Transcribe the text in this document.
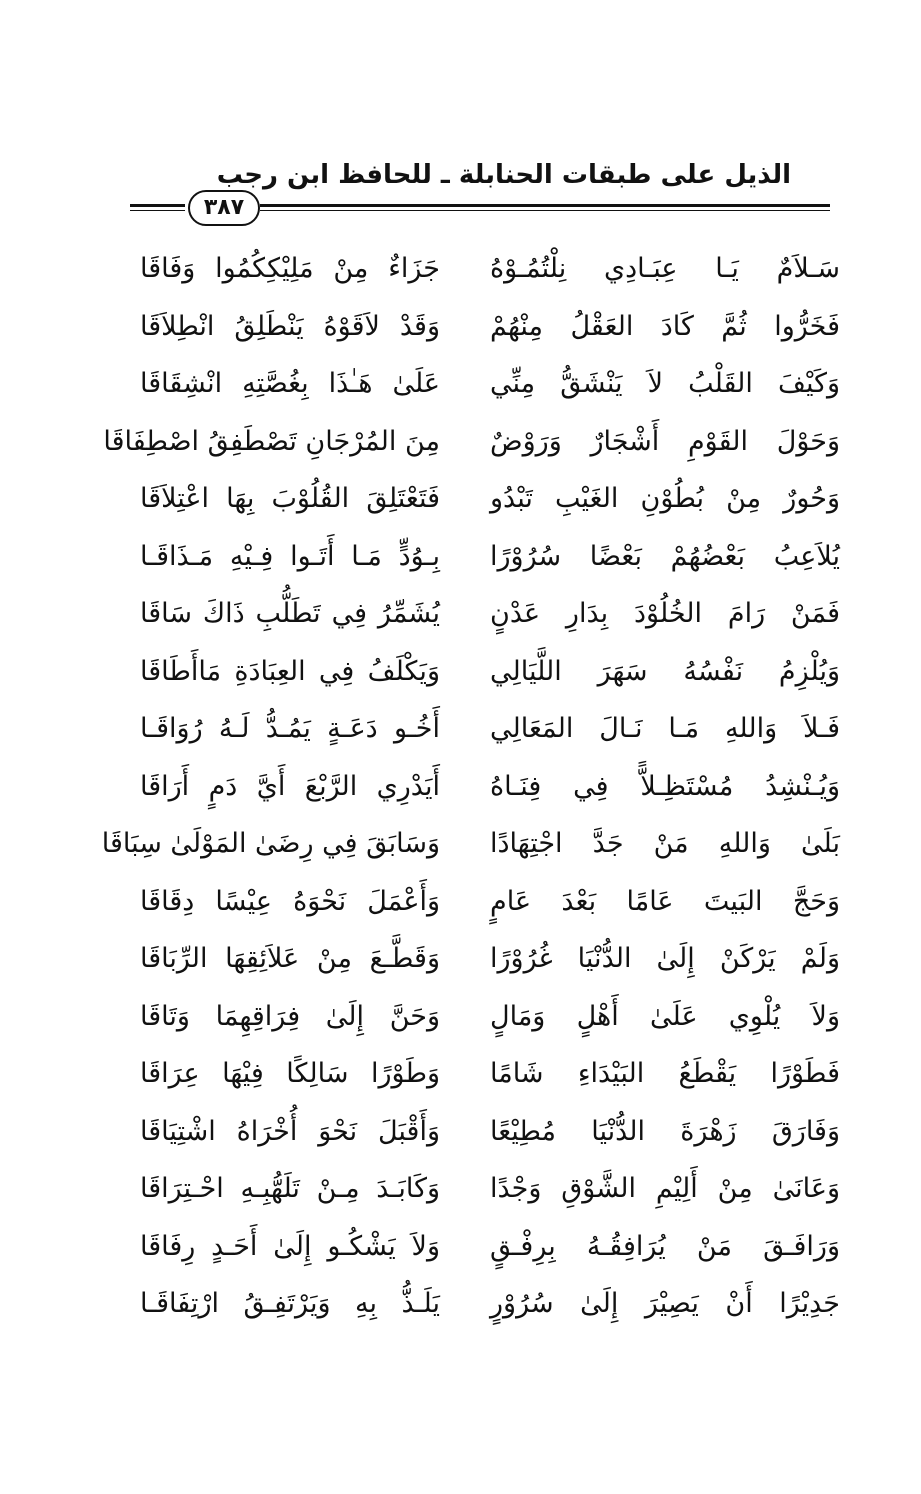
الذيل على طبقات الحنابلة ـ للحافظ ابن رجب
٣٨٧
سَـلاَمٌ يَـا عِبَـادِي نِلْتُمُـوْهُ
جَزَاءٌ مِنْ مَلِيْكِكُمُوا وَفَاقَا
فَخَرُّوا ثُمَّ كَادَ العَقْلُ مِنْهُمْ
وَقَدْ لاَقَوْهُ يَنْطَلِقُ انْطِلاَقَا
وَكَيْفَ القَلْبُ لاَ يَنْشَقُّ مِنِّي
عَلَىٰ هَـٰذَا بِغُصَّتِهِ انْشِقَاقَا
وَحَوْلَ القَوْمِ أَشْجَارٌ وَرَوْضٌ
مِنَ المُرْجَانِ تَصْطَفِقُ اصْطِفَاقَا
وَحُورٌ مِنْ بُطُوْنِ الغَيْبِ تَبْدُو
فَتَعْتَلِقَ القُلُوْبَ بِهَا اعْتِلاَقَا
يُلاَعِبُ بَعْضُهُمْ بَعْضًا سُرُوْرًا
بِـوُدٍّ مَـا أَتَـوا فِـيْهِ مَـذَاقَـا
فَمَنْ رَامَ الخُلُوْدَ بِدَارِ عَدْنٍ
يُشَمِّرُ فِي تَطَلُّبِ ذَاكَ سَاقَا
وَيُلْزِمُ نَفْسُهُ سَهَرَ اللَّيَالِي
وَيَكْلَفُ فِي العِبَادَةِ مَاأَطَاقَا
فَـلاَ وَاللهِ مَـا نَـالَ المَعَالِي
أَخُـو دَعَـةٍ يَمُـدُّ لَـهُ رُوَاقَـا
وَيُـنْشِدُ مُسْتَظِـلاًّ فِي فِنَـاهُ
أَيَدْرِي الرَّبْعَ أَيَّ دَمٍ أَرَاقَا
بَلَىٰ وَاللهِ مَنْ جَدَّ اجْتِهَادًا
وَسَابَقَ فِي رِضَىٰ المَوْلَىٰ سِبَاقَا
وَحَجَّ البَيتَ عَامًا بَعْدَ عَامٍ
وَأَعْمَلَ نَحْوَهُ عِيْسًا دِقَاقَا
وَلَمْ يَرْكَنْ إِلَىٰ الدُّنْيَا غُرُوْرًا
وَقَطَّـعَ مِنْ عَلاَئِقِهَا الرِّبَاقَا
وَلاَ يُلْوِي عَلَىٰ أَهْلٍ وَمَالٍ
وَحَنَّ إِلَىٰ فِرَاقِهِمَا وَتَاقَا
فَطَوْرًا يَقْطَعُ البَيْدَاءِ شَامًا
وَطَوْرًا سَالِكًا فِيْهَا عِرَاقَا
وَفَارَقَ زَهْرَةَ الدُّنْيَا مُطِيْعًا
وَأَقْبَلَ نَحْوَ أُخْرَاهُ اشْتِيَاقَا
وَعَانَىٰ مِنْ أَلِيْمِ الشَّوْقِ وَجْدًا
وَكَابَـدَ مِـنْ تَلَهُّبِـهِ احْـتِرَاقَا
وَرَافَـقَ مَنْ يُرَافِقُـهُ بِرِفْـقٍ
وَلاَ يَشْكُـو إِلَىٰ أَحَـدٍ رِفَاقَا
جَدِيْرًا أَنْ يَصِيْرَ إِلَىٰ سُرُوْرٍ
يَلَـذُّ بِهِ وَيَرْتَفِـقُ ارْتِفَاقَـا
